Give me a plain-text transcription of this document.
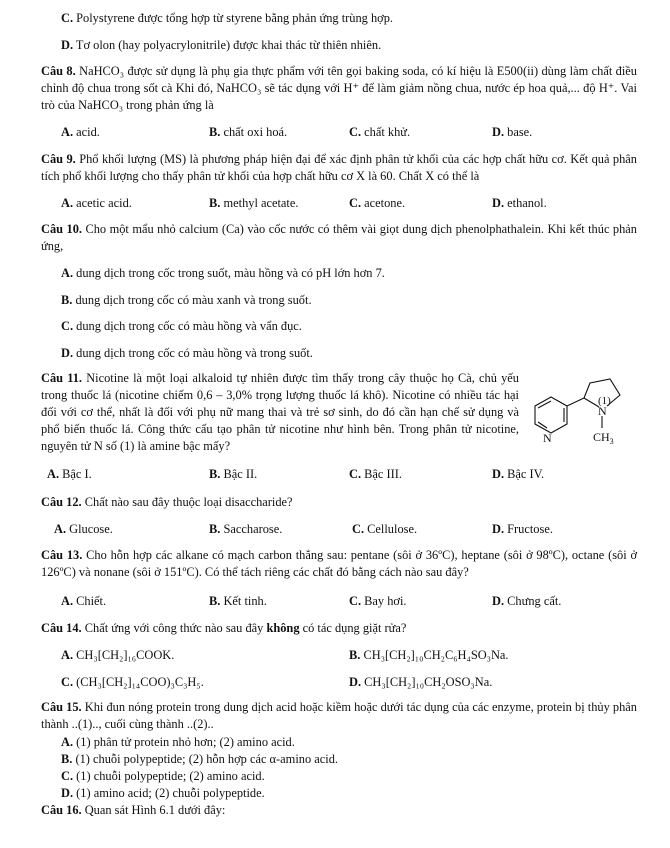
C. Polystyrene được tổng hợp từ styrene bằng phản ứng trùng hợp.
D. Tơ olon (hay polyacrylonitrile) được khai thác từ thiên nhiên.
Câu 8. NaHCO₃ được sử dụng là phụ gia thực phẩm với tên gọi baking soda, có kí hiệu là E500(ii) dùng làm chất điều chỉnh độ chua trong sốt cà Khi đó, NaHCO₃ sẽ tác dụng với H⁺ để làm giảm nồng chua, nước ép hoa quả,... độ H⁺. Vai trò của NaHCO₃ trong phản ứng là
A. acid.	B. chất oxi hoá.	C. chất khử.	D. base.
Câu 9. Phổ khối lượng (MS) là phương pháp hiện đại để xác định phân tử khối của các hợp chất hữu cơ. Kết quả phân tích phổ khối lượng cho thấy phân tử khối của hợp chất hữu cơ X là 60. Chất X có thể là
A. acetic acid.	B. methyl acetate.	C. acetone.	D. ethanol.
Câu 10. Cho một mẩu nhỏ calcium (Ca) vào cốc nước có thêm vài giọt dung dịch phenolphathalein. Khi kết thúc phản ứng,
A. dung dịch trong cốc trong suốt, màu hồng và có pH lớn hơn 7.
B. dung dịch trong cốc có màu xanh và trong suốt.
C. dung dịch trong cốc có màu hồng và vẩn đục.
D. dung dịch trong cốc có màu hồng và trong suốt.
Câu 11. Nicotine là một loại alkaloid tự nhiên được tìm thấy trong cây thuộc họ Cà, chủ yếu trong thuốc lá (nicotine chiếm 0,6 – 3,0% trọng lượng thuốc lá khô). Nicotine có nhiều tác hại đối với cơ thể, nhất là đối với phụ nữ mang thai và trẻ sơ sinh, do đó cần hạn chế sử dụng và phổ biến thuốc lá. Công thức cấu tạo phân tử nicotine như hình bên. Trong phân tử nicotine, nguyên tử N số (1) là amine bậc mấy?
(1)
N
N	$CH_3$
A. Bậc I.	B. Bậc II.	C. Bậc III.	D. Bậc IV.
Câu 12. Chất nào sau đây thuộc loại disaccharide?
A. Glucose.	B. Saccharose.	C. Cellulose.	D. Fructose.
Câu 13. Cho hỗn hợp các alkane có mạch carbon thẳng sau: pentane (sôi ở 36ºC), heptane (sôi ở 98ºC), octane (sôi ở 126ºC) và nonane (sôi ở 151ºC). Có thể tách riêng các chất đó bằng cách nào sau đây?
A. Chiết.	B. Kết tinh.	C. Bay hơi.	D. Chưng cất.
Câu 14. Chất ứng với công thức nào sau đây không có tác dụng giặt rửa?
A. CH₃[CH₂]₁₆COOK.	B. CH₃[CH₂]₁₀CH₂C₆H₄SO₃Na.
C. (CH₃[CH₂]₁₄COO)₃C₃H₅.	D. CH₃[CH₂]₁₀CH₂OSO₃Na.
Câu 15. Khi đun nóng protein trong dung dịch acid hoặc kiềm hoặc dưới tác dụng của các enzyme, protein bị thủy phân thành ..(1).., cuối cùng thành ..(2)..
A. (1) phân tử protein nhỏ hơn; (2) amino acid.
B. (1) chuỗi polypeptide; (2) hỗn hợp các α-amino acid.
C. (1) chuỗi polypeptide; (2) amino acid.
D. (1) amino acid; (2) chuỗi polypeptide.
Câu 16. Quan sát Hình 6.1 dưới đây:
